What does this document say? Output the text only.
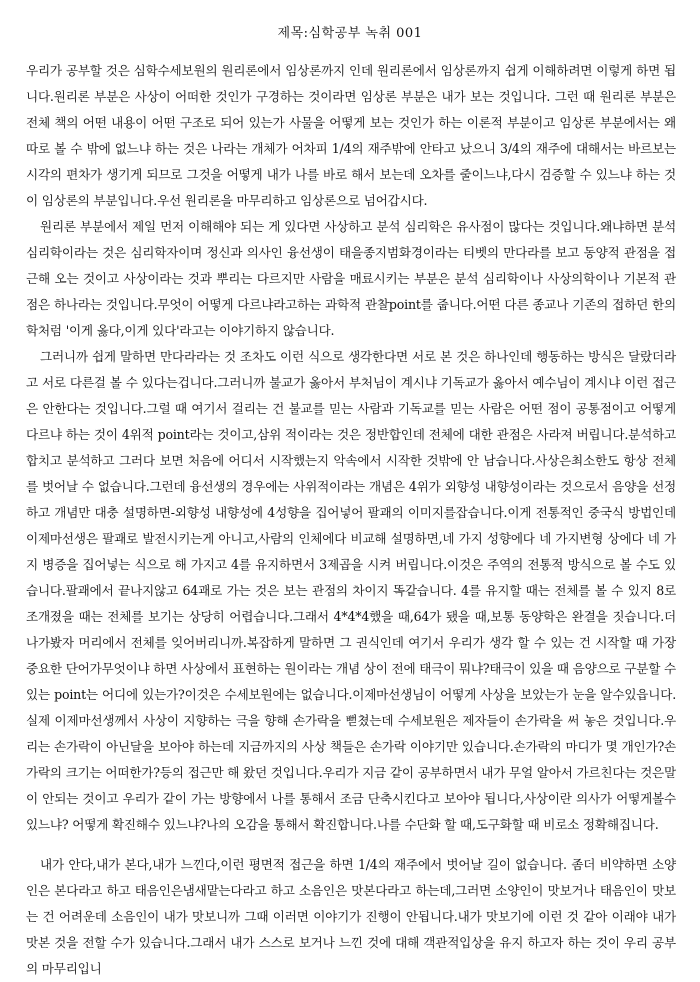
제목:심학공부 녹취 001

우리가 공부할 것은 심학수세보원의 원리론에서 임상론까지 인데 원리론에서 임상론까지 쉽게 이해하려면 이렇게 하면 됩니다.원리론 부분은 사상이 어떠한 것인가 구경하는 것이라면 임상론 부분은 내가 보는 것입니다. 그런 때 원리론 부분은 전체 책의 어떤 내용이 어떤 구조로 되어 있는가 사물을 어떻게 보는 것인가 하는 이론적 부분이고 임상론 부분에서는 왜 따로 볼 수 밖에 없느냐 하는 것은 나라는 개체가 어차피 1/4의 재주밖에 안타고 났으니 3/4의 재주에 대해서는 바르보는 시각의 편차가 생기게 되므로 그것을 어떻게 내가 나를 바로 해서 보는데 오차를 줄이느냐,다시 검증할 수 있느냐 하는 것이 임상론의 부분입니다.우선 원리론을 마무리하고 임상론으로 넘어갑시다.

원리론 부분에서 제일 먼저 이해해야 되는 게 있다면 사상하고 분석 심리학은 유사점이 많다는 것입니다.왜냐하면 분석 심리학이라는 것은 심리학자이며 정신과 의사인 융선생이 태을종지범화경이라는 티벳의 만다라를 보고 동양적 관점을 접근해 오는 것이고 사상이라는 것과 뿌리는 다르지만 사람을 매료시키는 부분은 분석 심리학이나 사상의학이나 기본적 관점은 하나라는 것입니다.무엇이 어떻게 다르냐라고하는 과학적 관찰point를 줍니다.어떤 다른 종교나 기존의 접하던 한의학처럼 '이게 옳다,이게 있다'라고는 이야기하지 않습니다.

그러니까 쉽게 말하면 만다라라는 것 조차도 이런 식으로 생각한다면 서로 본 것은 하나인데 행동하는 방식은 달랐더라고 서로 다른걸 볼 수 있다는겁니다.그러니까 불교가 옳아서 부처님이 계시냐 기독교가 옳아서 예수님이 계시냐 이런 접근은 안한다는 것입니다.그럴 때 여기서 걸리는 건 불교를 믿는 사람과 기독교를 믿는 사람은 어떤 점이 공통점이고 어떻게 다르냐 하는 것이 4위적 point라는 것이고,삼위 적이라는 것은 정반합인데 전체에 대한 관점은 사라져 버립니다.분석하고 합치고 분석하고 그러다 보면 처음에 어디서 시작했는지 악속에서 시작한 것밖에 안 남습니다.사상은최소한도 항상 전체를 벗어날 수 없습니다.그런데 융선생의 경우에는 사위적이라는 개념은 4위가 외향성 내향성이라는 것으로서 음양을 선정하고 개념만 대충 설명하면-외향성 내향성에 4성향을 집어넣어 팔괘의 이미지를잡습니다.이게 전통적인 중국식 방법인데 이제마선생은 팔괘로 발전시키는게 아니고,사람의 인체에다 비교해 설명하면,네 가지 성향에다 네 가지변형 상에다 네 가지 병증을 집어넣는 식으로 해 가지고 4를 유지하면서 3제곱을 시켜 버립니다.이것은 주역의 전통적 방식으로 볼 수도 있습니다.팔괘에서 끝나지않고 64괘로 가는 것은 보는 관점의 차이지 똑같습니다. 4를 유지할 때는 전체를 볼 수 있지 8로 조개졌을 때는 전체를 보기는 상당히 어렵습니다.그래서 4*4*4했을 때,64가 됐을 때,보통 동양학은 완결을 짓습니다.더나가봤자 머리에서 전체를 잊어버리니까.복잡하게 말하면 그 권식인데 여기서 우리가 생각 할 수 있는 건 시작할 때 가장 중요한 단어가무엇이냐 하면 사상에서 표현하는 원이라는 개념 상이 전에 태극이 뭐냐?태극이 있을 때 음양으로 구분할 수 있는 point는 어디에 있는가?이것은 수세보원에는 없습니다.이제마선생님이 어떻게 사상을 보았는가 눈을 알수있읍니다.실제 이제마선생께서 사상이 지향하는 극을 향해 손가락을 뻗쳤는데 수세보원은 제자들이 손가락을 써 놓은 것입니다.우리는 손가락이 아닌달을 보아야 하는데 지금까지의 사상 책들은 손가락 이야기만 있습니다.손가락의 마디가 몇 개인가?손가락의 크기는 어떠한가?등의 접근만 해 왔던 것입니다.우리가 지금 같이 공부하면서 내가 무얼 알아서 가르친다는 것은말이 안되는 것이고 우리가 같이 가는 방향에서 나를 통해서 조금 단축시킨다고 보아야 됩니다,사상이란 의사가 어떻게볼수 있느냐? 어떻게 확진해수 있느냐?나의 오감을 통해서 확진합니다.나를 수단화 할 때,도구화할 때 비로소 정확해집니다.

내가 안다,내가 본다,내가 느낀다,이런 평면적 접근을 하면 1/4의 재주에서 벗어날 길이 없습니다. 좀더 비약하면 소양인은 본다라고 하고 태음인은냄새맡는다라고 하고 소음인은 맛본다라고 하는데,그러면 소양인이 맛보거나 태음인이 맛보는 건 어려운데 소음인이 내가 맛보니까 그때 이러면 이야기가 진행이 안됩니다.내가 맛보기에 이런 것 같아 이래야 내가 맛본 것을 전할 수가 있습니다.그래서 내가 스스로 보거나 느낀 것에 대해 객관적입상을 유지 하고자 하는 것이 우리 공부의 마무리입니
